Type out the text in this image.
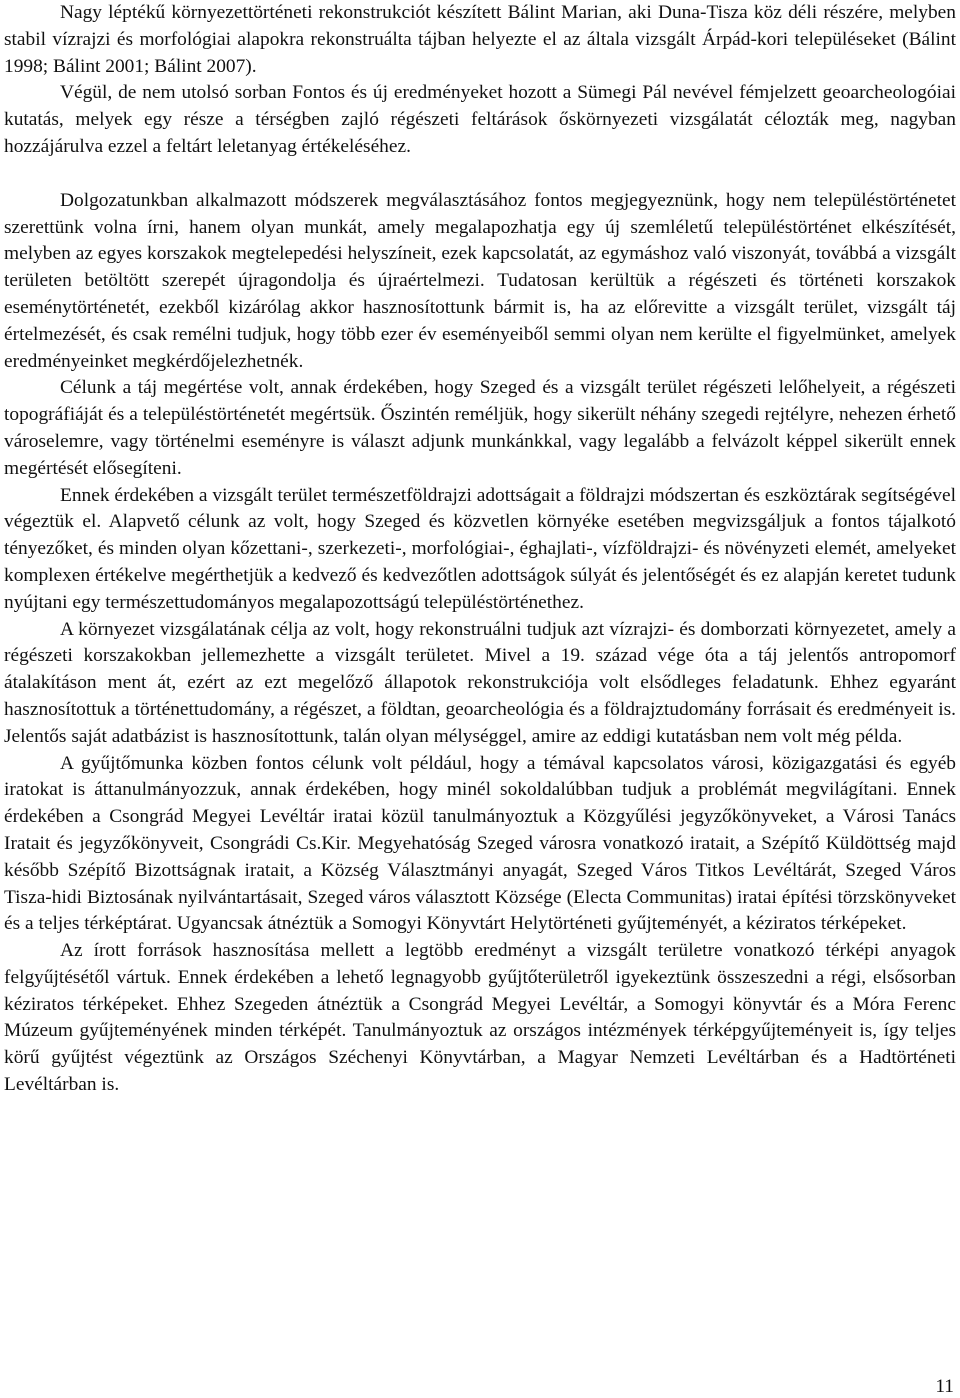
Nagy léptékű környezettörténeti rekonstrukciót készített Bálint Marian, aki Duna-Tisza köz déli részére, melyben stabil vízrajzi és morfológiai alapokra rekonstruálta tájban helyezte el az általa vizsgált Árpád-kori településeket (Bálint 1998; Bálint 2001; Bálint 2007).

Végül, de nem utolsó sorban Fontos és új eredményeket hozott a Sümegi Pál nevével fémjelzett geoarcheologóiai kutatás, melyek egy része a térségben zajló régészeti feltárások őskörnyezeti vizsgálatát célozták meg, nagyban hozzájárulva ezzel a feltárt leletanyag értékeléséhez.

Dolgozatunkban alkalmazott módszerek megválasztásához fontos megjegyeznünk, hogy nem településtörténetet szerettünk volna írni, hanem olyan munkát, amely megalapozhatja egy új szemléletű településtörténet elkészítését, melyben az egyes korszakok megtelepedési helyszíneit, ezek kapcsolatát, az egymáshoz való viszonyát, továbbá a vizsgált területen betöltött szerepét újragondolja és újraértelmezi. Tudatosan kerültük a régészeti és történeti korszakok eseménytörténetét, ezekből kizárólag akkor hasznosítottunk bármit is, ha az előrevitte a vizsgált terület, vizsgált táj értelmezését, és csak remélni tudjuk, hogy több ezer év eseményeiből semmi olyan nem kerülte el figyelmünket, amelyek eredményeinket megkérdőjelezhetnék.

Célunk a táj megértése volt, annak érdekében, hogy Szeged és a vizsgált terület régészeti lelőhelyeit, a régészeti topográfiáját és a településtörténetét megértsük. Őszintén reméljük, hogy sikerült néhány szegedi rejtélyre, nehezen érhető városelemre, vagy történelmi eseményre is választ adjunk munkánkkal, vagy legalább a felvázolt képpel sikerült ennek megértését elősegíteni.

Ennek érdekében a vizsgált terület természetföldrajzi adottságait a földrajzi módszertan és eszköztárak segítségével végeztük el. Alapvető célunk az volt, hogy Szeged és közvetlen környéke esetében megvizsgáljuk a fontos tájalkotó tényezőket, és minden olyan kőzettani-, szerkezeti-, morfológiai-, éghajlati-, vízföldrajzi- és növényzeti elemét, amelyeket komplexen értékelve megérthetjük a kedvező és kedvezőtlen adottságok súlyát és jelentőségét és ez alapján keretet tudunk nyújtani egy természettudományos megalapozottságú településtörténethez.

A környezet vizsgálatának célja az volt, hogy rekonstruálni tudjuk azt vízrajzi- és domborzati környezetet, amely a régészeti korszakokban jellemezhette a vizsgált területet. Mivel a 19. század vége óta a táj jelentős antropomorf átalakításon ment át, ezért az ezt megelőző állapotok rekonstrukciója volt elsődleges feladatunk. Ehhez egyaránt hasznosítottuk a történettudomány, a régészet, a földtan, geoarcheológia és a földrajztudomány forrásait és eredményeit is. Jelentős saját adatbázist is hasznosítottunk, talán olyan mélységgel, amire az eddigi kutatásban nem volt még példa.

A gyűjtőmunka közben fontos célunk volt például, hogy a témával kapcsolatos városi, közigazgatási és egyéb iratokat is áttanulmányozzuk, annak érdekében, hogy minél sokoldalúbban tudjuk a problémát megvilágítani. Ennek érdekében a Csongrád Megyei Levéltár iratai közül tanulmányoztuk a Közgyűlési jegyzőkönyveket, a Városi Tanács Iratait és jegyzőkönyveit, Csongrádi Cs.Kir. Megyehatóság Szeged városra vonatkozó iratait, a Szépítő Küldöttség majd később Szépítő Bizottságnak iratait, a Község Választmányi anyagát, Szeged Város Titkos Levéltárát, Szeged Város Tisza-hidi Biztosának nyilvántartásait, Szeged város választott Községe (Electa Communitas) iratai építési törzskönyveket és a teljes térképtárat. Ugyancsak átnéztük a Somogyi Könyvtárt Helytörténeti gyűjteményét, a kéziratos térképeket.

Az írott források hasznosítása mellett a legtöbb eredményt a vizsgált területre vonatkozó térképi anyagok felgyűjtésétől vártuk. Ennek érdekében a lehető legnagyobb gyűjtőterületről igyekeztünk összeszedni a régi, elsősorban kéziratos térképeket. Ehhez Szegeden átnéztük a Csongrád Megyei Levéltár, a Somogyi könyvtár és a Móra Ferenc Múzeum gyűjteményének minden térképét. Tanulmányoztuk az országos intézmények térképgyűjteményeit is, így teljes körű gyűjtést végeztünk az Országos Széchenyi Könyvtárban, a Magyar Nemzeti Levéltárban és a Hadtörténeti Levéltárban is.

11
